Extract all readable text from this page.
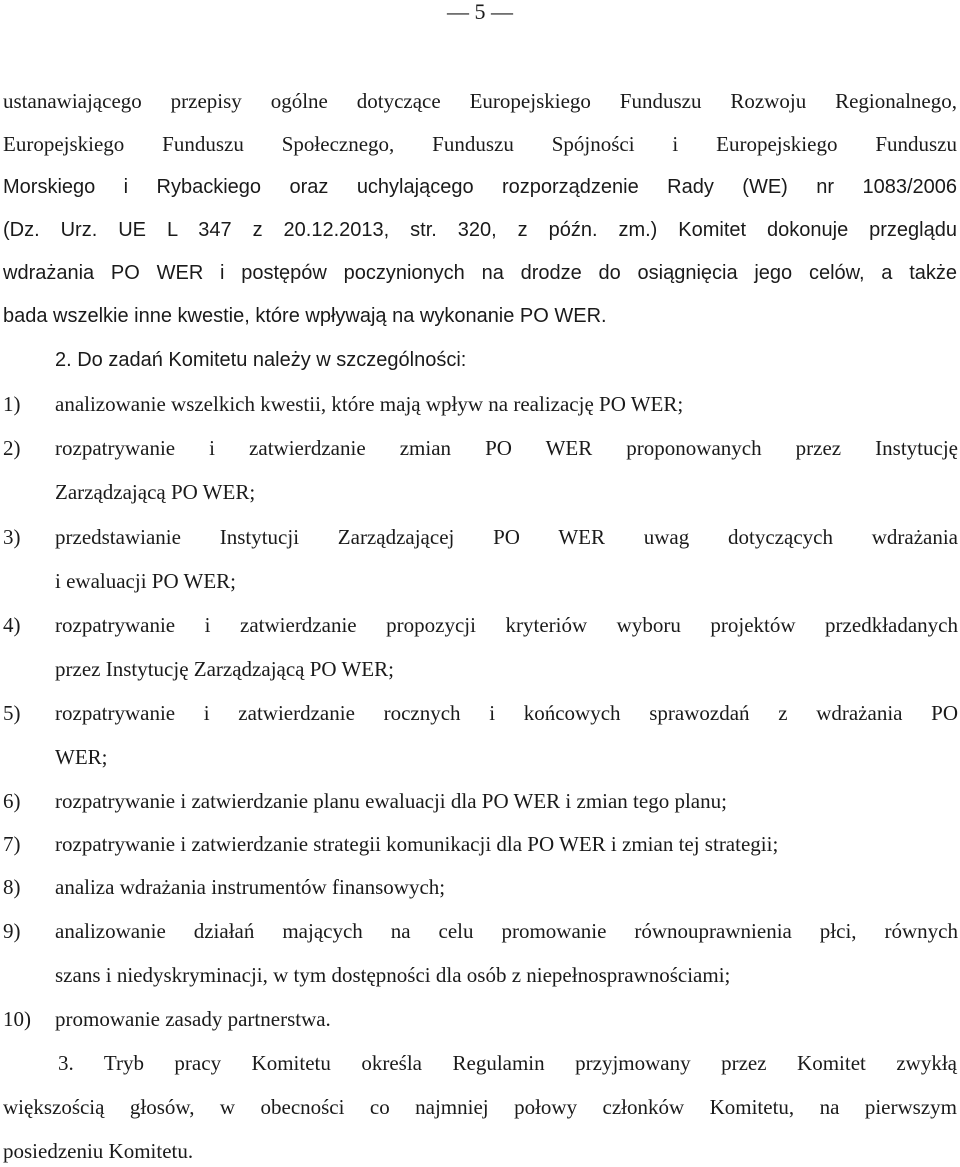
— 5 —
ustanawiającego przepisy ogólne dotyczące Europejskiego Funduszu Rozwoju Regionalnego,
Europejskiego Funduszu Społecznego, Funduszu Spójności i Europejskiego Funduszu
Morskiego i Rybackiego oraz uchylającego rozporządzenie Rady (WE) nr 1083/2006
(Dz. Urz. UE L 347 z 20.12.2013, str. 320, z późn. zm.) Komitet dokonuje przeglądu
wdrażania PO WER i postępów poczynionych na drodze do osiągnięcia jego celów, a także
bada wszelkie inne kwestie, które wpływają na wykonanie PO WER.
2. Do zadań Komitetu należy w szczególności:
1) analizowanie wszelkich kwestii, które mają wpływ na realizację PO WER;
2) rozpatrywanie i zatwierdzanie zmian PO WER proponowanych przez Instytucję
Zarządzającą PO WER;
3) przedstawianie Instytucji Zarządzającej PO WER uwag dotyczących wdrażania
i ewaluacji PO WER;
4) rozpatrywanie i zatwierdzanie propozycji kryteriów wyboru projektów przedkładanych
przez Instytucję Zarządzającą PO WER;
5) rozpatrywanie i zatwierdzanie rocznych i końcowych sprawozdań z wdrażania PO
WER;
6) rozpatrywanie i zatwierdzanie planu ewaluacji dla PO WER i zmian tego planu;
7) rozpatrywanie i zatwierdzanie strategii komunikacji dla PO WER i zmian tej strategii;
8) analiza wdrażania instrumentów finansowych;
9) analizowanie działań mających na celu promowanie równouprawnienia płci, równych
szans i niedyskryminacji, w tym dostępności dla osób z niepełnosprawnościami;
10) promowanie zasady partnerstwa.
3. Tryb pracy Komitetu określa Regulamin przyjmowany przez Komitet zwykłą
większością głosów, w obecności co najmniej połowy członków Komitetu, na pierwszym
posiedzeniu Komitetu.
